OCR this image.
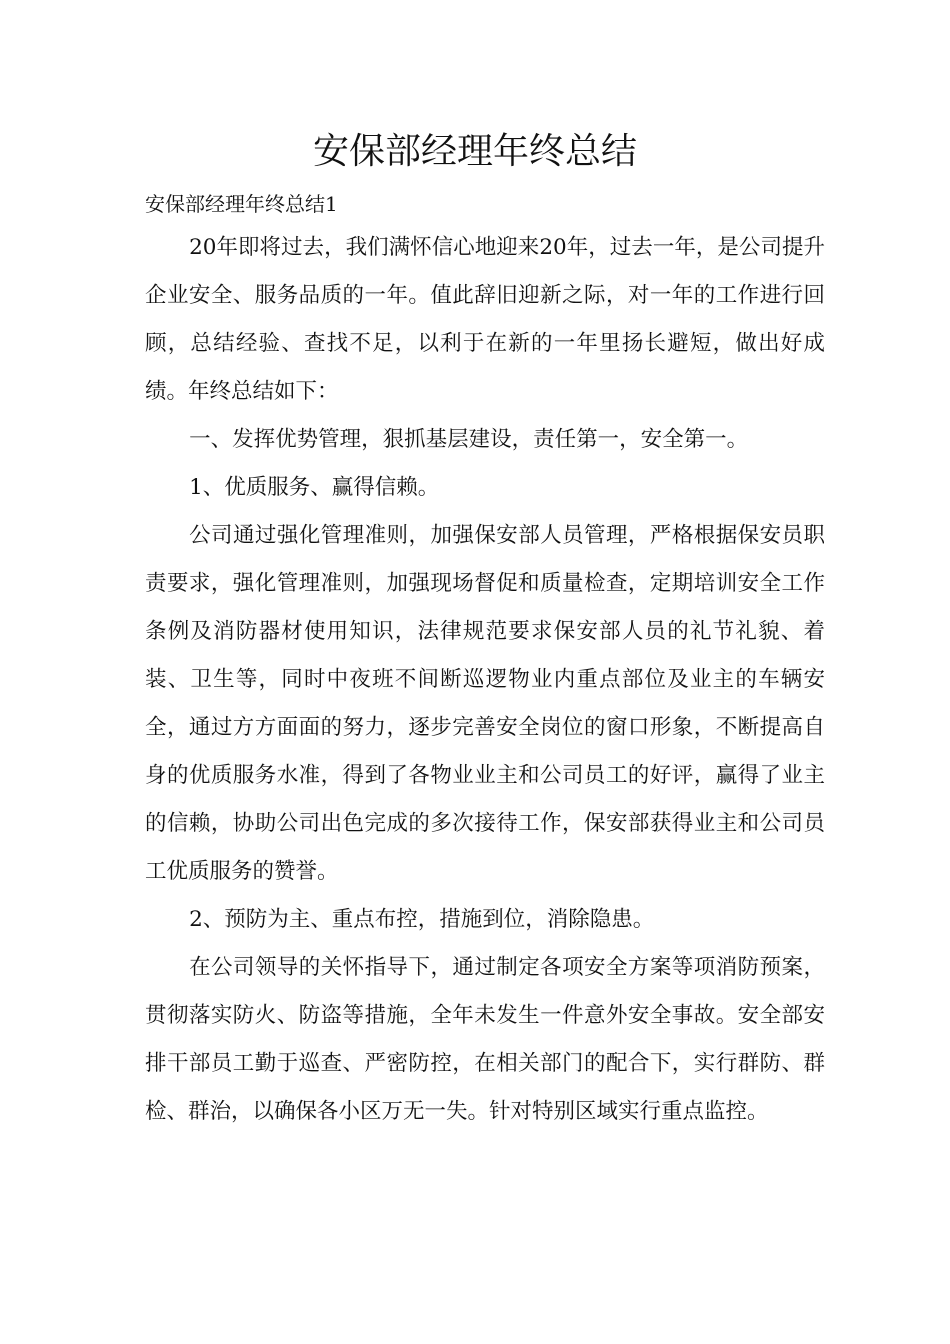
安保部经理年终总结

安保部经理年终总结1

20年即将过去，我们满怀信心地迎来20年，过去一年，是公司提升企业安全、服务品质的一年。值此辞旧迎新之际，对一年的工作进行回顾，总结经验、查找不足，以利于在新的一年里扬长避短，做出好成绩。年终总结如下：

一、发挥优势管理，狠抓基层建设，责任第一，安全第一。

1、优质服务、赢得信赖。

公司通过强化管理准则，加强保安部人员管理，严格根据保安员职责要求，强化管理准则，加强现场督促和质量检查，定期培训安全工作条例及消防器材使用知识，法律规范要求保安部人员的礼节礼貌、着装、卫生等，同时中夜班不间断巡逻物业内重点部位及业主的车辆安全，通过方方面面的努力，逐步完善安全岗位的窗口形象，不断提高自身的优质服务水准，得到了各物业业主和公司员工的好评，赢得了业主的信赖，协助公司出色完成的多次接待工作，保安部获得业主和公司员工优质服务的赞誉。

2、预防为主、重点布控，措施到位，消除隐患。

在公司领导的关怀指导下，通过制定各项安全方案等项消防预案，贯彻落实防火、防盗等措施，全年未发生一件意外安全事故。安全部安排干部员工勤于巡查、严密防控，在相关部门的配合下，实行群防、群检、群治，以确保各小区万无一失。针对特别区域实行重点监控。
